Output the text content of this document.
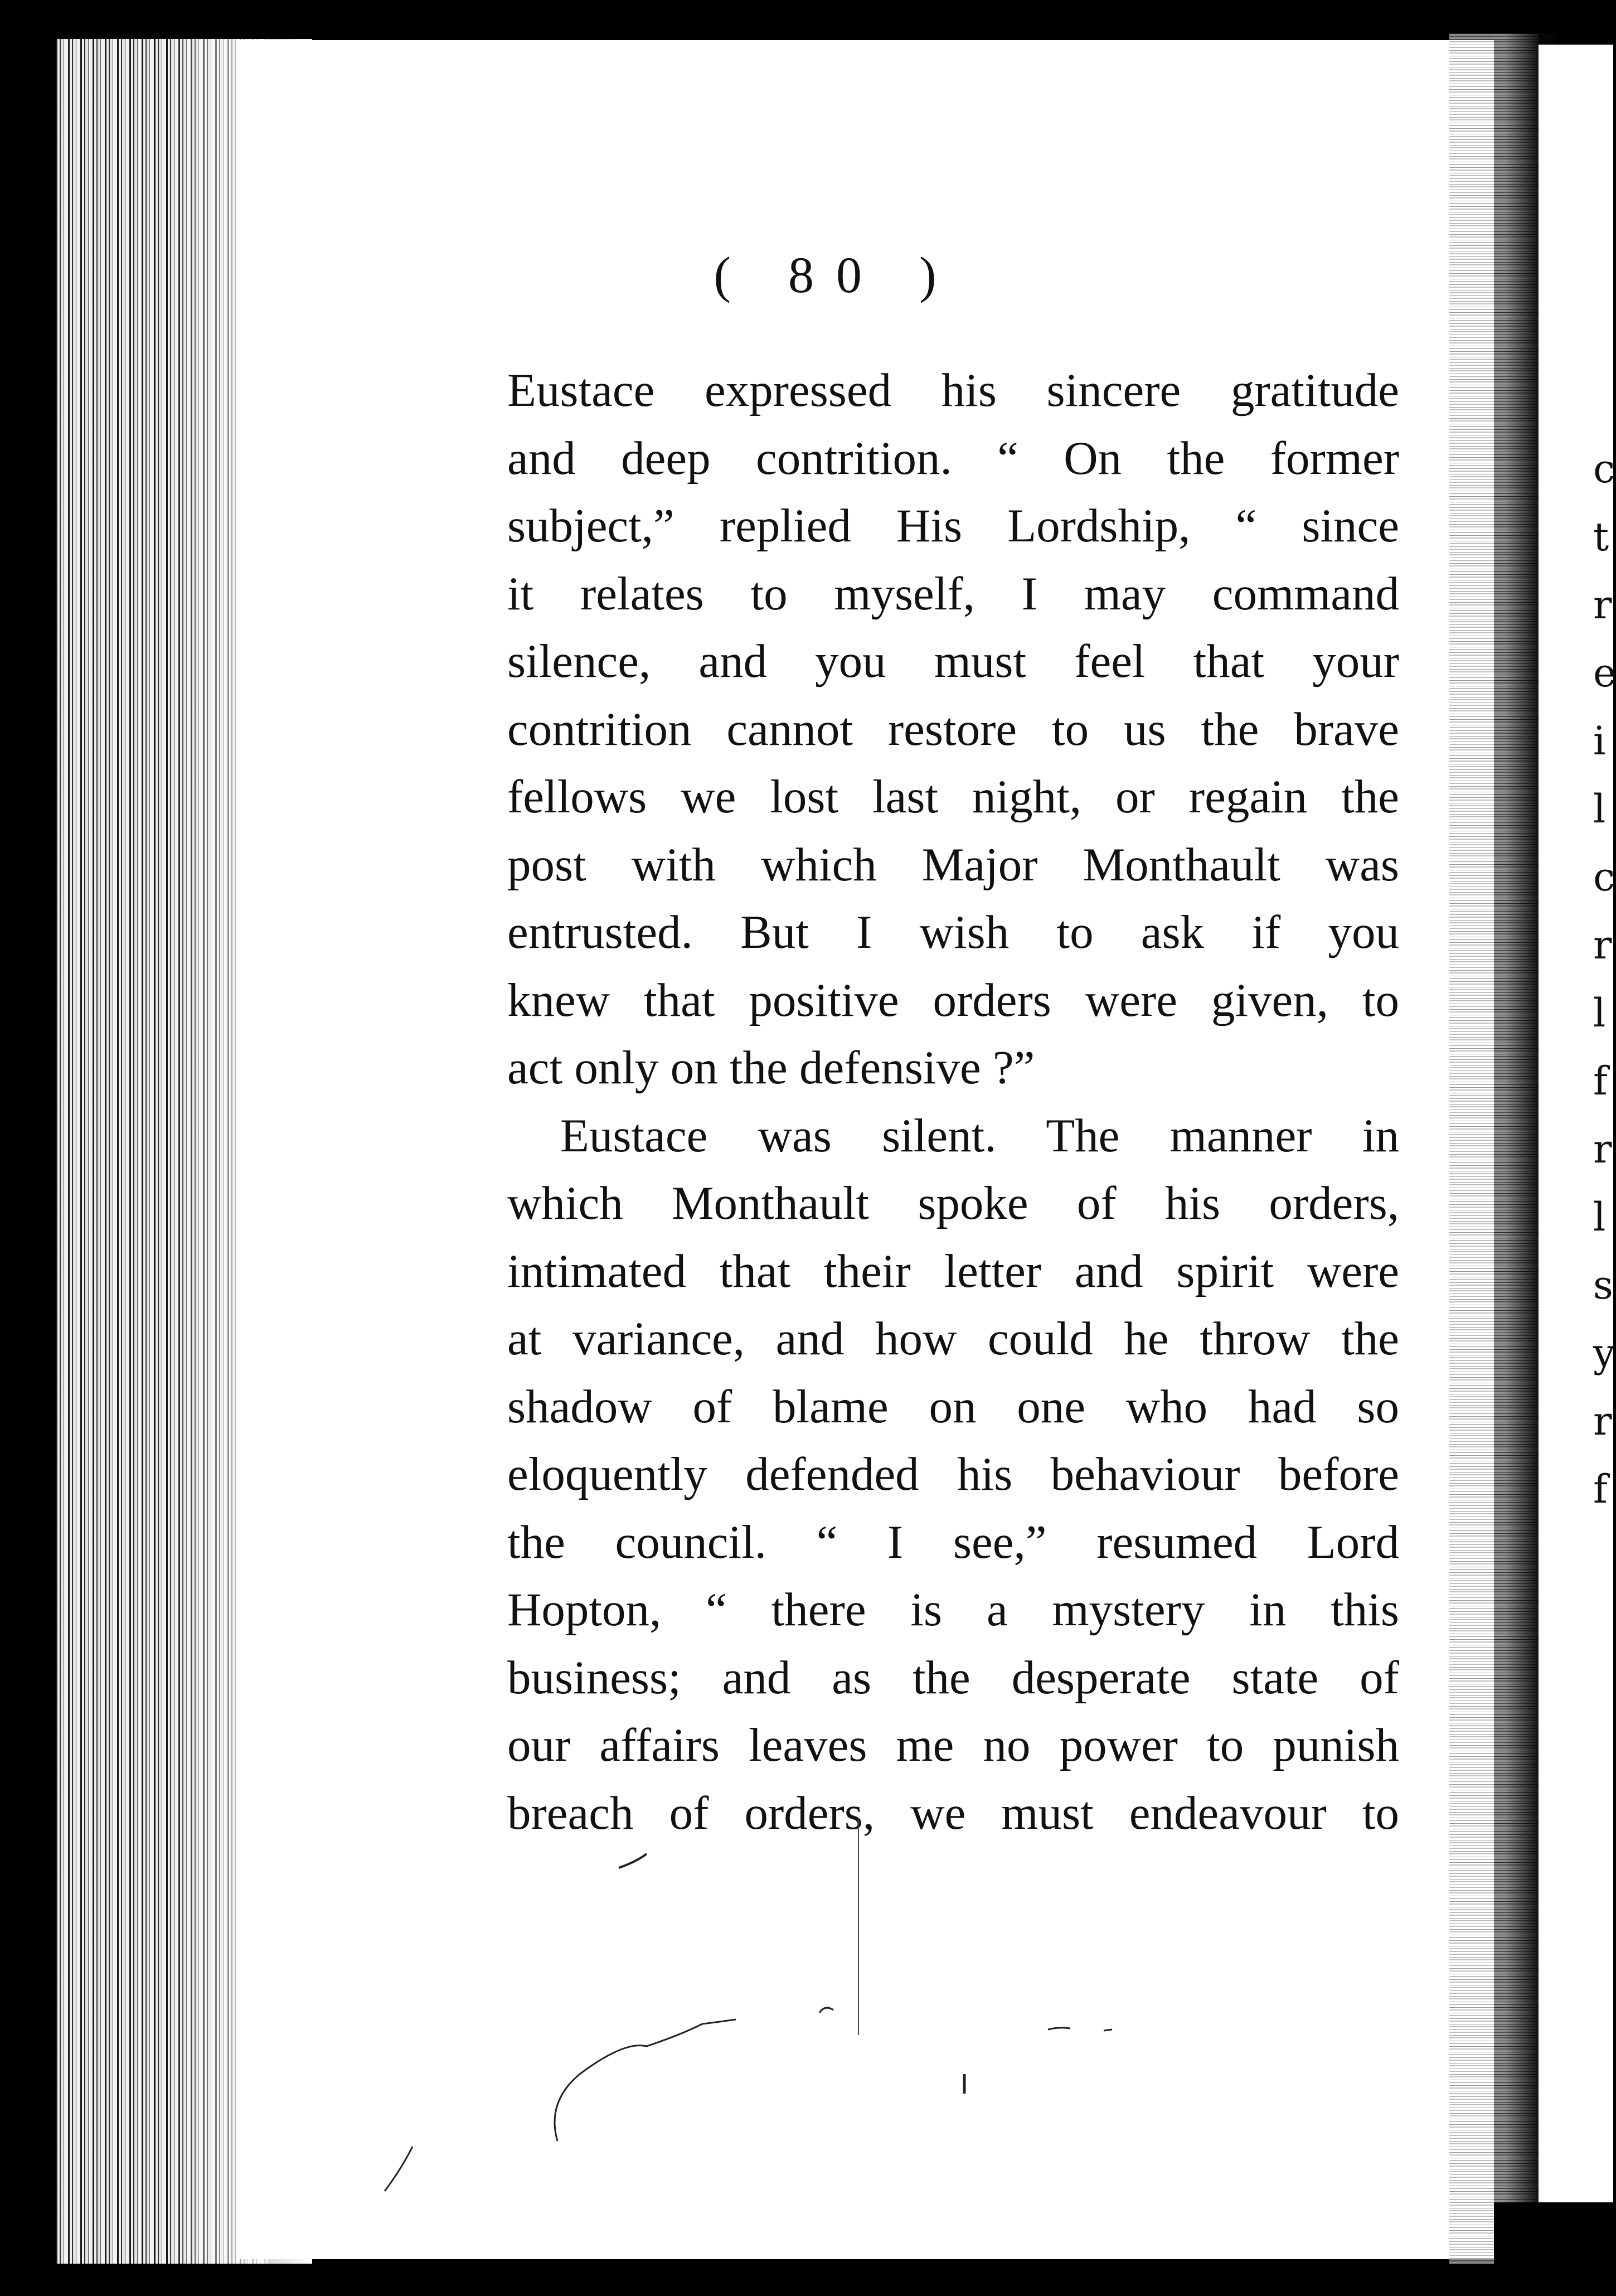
c
t
r
e
i
l
c
r
l
f
r
l
s
y
r
f
( 80 )
Eustace expressed his sincere gratitude
and deep contrition. “ On the former
subject,” replied His Lordship, “ since
it relates to myself, I may command
silence, and you must feel that your
contrition cannot restore to us the brave
fellows we lost last night, or regain the
post with which Major Monthault was
entrusted. But I wish to ask if you
knew that positive orders were given, to
act only on the defensive ?”
Eustace was silent. The manner in
which Monthault spoke of his orders,
intimated that their letter and spirit were
at variance, and how could he throw the
shadow of blame on one who had so
eloquently defended his behaviour before
the council. “ I see,” resumed Lord
Hopton, “ there is a mystery in this
business; and as the desperate state of
our affairs leaves me no power to punish
breach of orders, we must endeavour to
